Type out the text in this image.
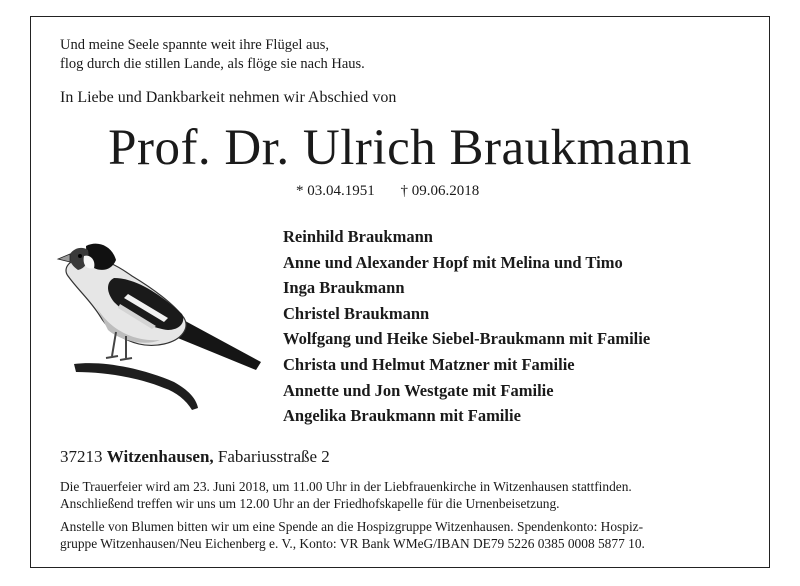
Und meine Seele spannte weit ihre Flügel aus,
flog durch die stillen Lande, als flöge sie nach Haus.
In Liebe und Dankbarkeit nehmen wir Abschied von
Prof. Dr. Ulrich Braukmann
* 03.04.1951 † 09.06.2018
Reinhild Braukmann
Anne und Alexander Hopf mit Melina und Timo
Inga Braukmann
Christel Braukmann
Wolfgang und Heike Siebel-Braukmann mit Familie
Christa und Helmut Matzner mit Familie
Annette und Jon Westgate mit Familie
Angelika Braukmann mit Familie
37213 Witzenhausen, Fabariusstraße 2
Die Trauerfeier wird am 23. Juni 2018, um 11.00 Uhr in der Liebfrauenkirche in Witzenhausen stattfinden.
Anschließend treffen wir uns um 12.00 Uhr an der Friedhofskapelle für die Urnenbeisetzung.
Anstelle von Blumen bitten wir um eine Spende an die Hospizgruppe Witzenhausen. Spendenkonto: Hospiz-
gruppe Witzenhausen/Neu Eichenberg e. V., Konto: VR Bank WMeG/IBAN DE79 5226 0385 0008 5877 10.
